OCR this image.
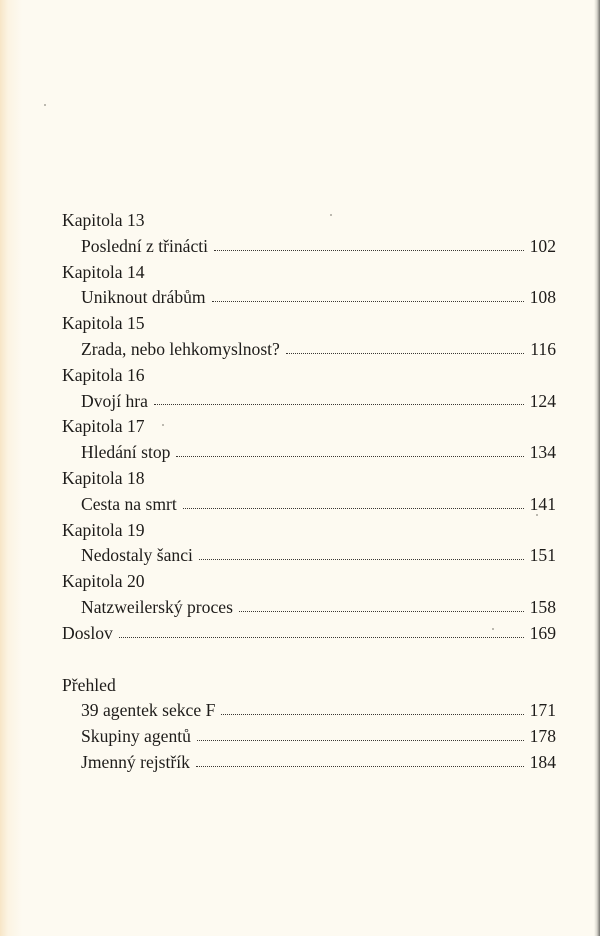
Kapitola 13
Poslední z třinácti	102
Kapitola 14
Uniknout drábům	108
Kapitola 15
Zrada, nebo lehkomyslnost?	116
Kapitola 16
Dvojí hra	124
Kapitola 17
Hledání stop	134
Kapitola 18
Cesta na smrt	141
Kapitola 19
Nedostaly šanci	151
Kapitola 20
Natzweilerský proces	158
Doslov	169
Přehled
39 agentek sekce F	171
Skupiny agentů	178
Jmenný rejstřík	184
